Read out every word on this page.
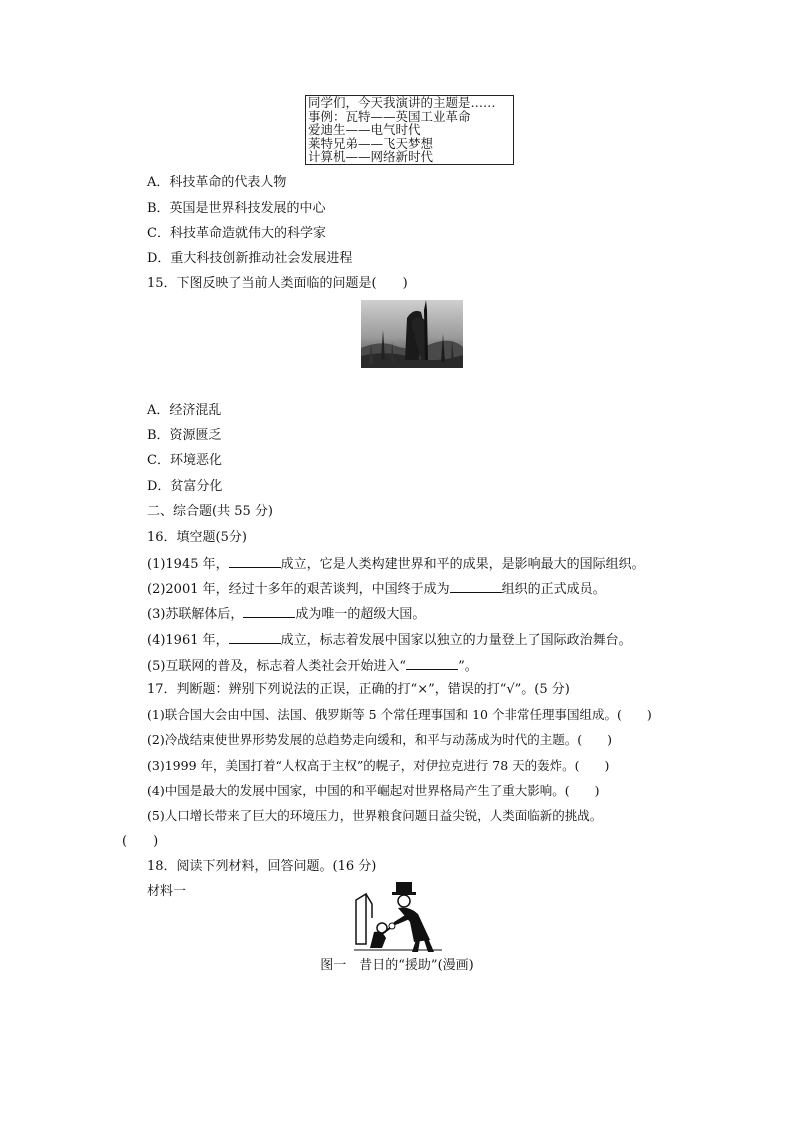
同学们，今天我演讲的主题是……
事例：瓦特——英国工业革命
爱迪生——电气时代
莱特兄弟——飞天梦想
计算机——网络新时代
A．科技革命的代表人物
B．英国是世界科技发展的中心
C．科技革命造就伟大的科学家
D．重大科技创新推动社会发展进程
15．下图反映了当前人类面临的问题是(　　)
A．经济混乱
B．资源匮乏
C．环境恶化
D．贫富分化
二、综合题(共 55 分)
16．填空题(5分)
(1)1945 年，	成立，它是人类构建世界和平的成果，是影响最大的国际组织。
(2)2001 年，经过十多年的艰苦谈判，中国终于成为	组织的正式成员。
(3)苏联解体后，	成为唯一的超级大国。
(4)1961 年，	成立，标志着发展中国家以独立的力量登上了国际政治舞台。
(5)互联网的普及，标志着人类社会开始进入“	”。
17．判断题：辨别下列说法的正误，正确的打“×”，错误的打“√”。(5 分)
(1)联合国大会由中国、法国、俄罗斯等 5 个常任理事国和 10 个非常任理事国组成。(　　)
(2)冷战结束使世界形势发展的总趋势走向缓和，和平与动荡成为时代的主题。(　　)
(3)1999 年，美国打着“人权高于主权”的幌子，对伊拉克进行 78 天的轰炸。(　　)
(4)中国是最大的发展中国家，中国的和平崛起对世界格局产生了重大影响。(　　)
(5)人口增长带来了巨大的环境压力，世界粮食问题日益尖锐，人类面临新的挑战。
(　　)
18．阅读下列材料，回答问题。(16 分)
材料一
图一　昔日的“援助”(漫画)
